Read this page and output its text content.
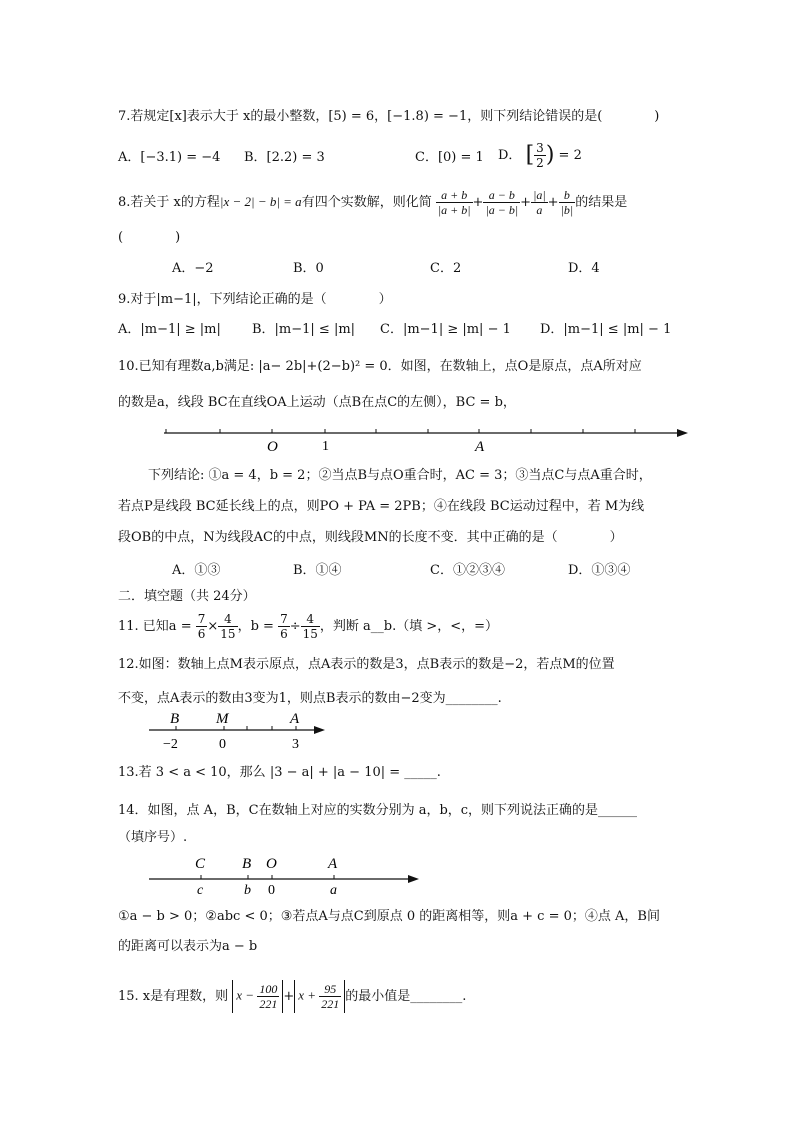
7.若规定[x]表示大于 x的最小整数，[5) = 6，[−1.8) = −1，则下列结论错误的是(　　　　)
A．[−3.1) = −4 B．[2.2) = 3	C．[0) = 1 D． [ $\frac{3}{2}$ ) = 2
8.若关于 x的方程|x − 2| − b| = a有四个实数解，则化简 $\frac{a + b}{|a + b|} + \frac{a - b}{|a - b|} + \frac{|a|}{a} + \frac{b}{|b|}$ 的结果是
(　　　　)
A．−2	B．0	C．2	D．4
9.对于|m−1|，下列结论正确的是（　　　　）
A．|m−1| ≥ |m| B．|m−1| ≤ |m| C．|m−1| ≥ |m| − 1 D．|m−1| ≤ |m| − 1
10.已知有理数a,b满足: |a− 2b|+(2−b)² = 0．如图，在数轴上，点O是原点，点A所对应
的数是a，线段 BC在直线OA上运动（点B在点C的左侧），BC = b，
O	1	A
下列结论: ①a = 4，b = 2；②当点B与点O重合时，AC = 3；③当点C与点A重合时，
若点P是线段 BC延长线上的点，则PO + PA = 2PB；④在线段 BC运动过程中，若 M为线
段OB的中点，N为线段AC的中点，则线段MN的长度不变．其中正确的是（　　　　）
A．①③	B．①④	C．①②③④	D．①③④
二．填空题（共 24分）
11. 已知$a = \frac{7}{6} \times \frac{4}{15}$ ，$b = \frac{7}{6} \div \frac{4}{15}$ ，判断 a__b.（填 >，<，=）
12.如图：数轴上点M表示原点，点A表示的数是3，点B表示的数是−2，若点M的位置
不变，点A表示的数由3变为1，则点B表示的数由−2变为________.
B M	A
−2	0	3
13.若 3 < a < 10，那么 |3 − a| + |a − 10| = _____.
14．如图，点 A，B，C在数轴上对应的实数分别为 a，b，c，则下列说法正确的是______
（填序号）.
C B O	A
c	b 0	a
①a − b > 0；②abc < 0；③若点A与点C到原点 0 的距离相等，则a + c = 0；④点 A，B间
的距离可以表示为a − b
15. x是有理数，则 $x - \frac{100}{221} + x + \frac{95}{221}$ 的最小值是________.
